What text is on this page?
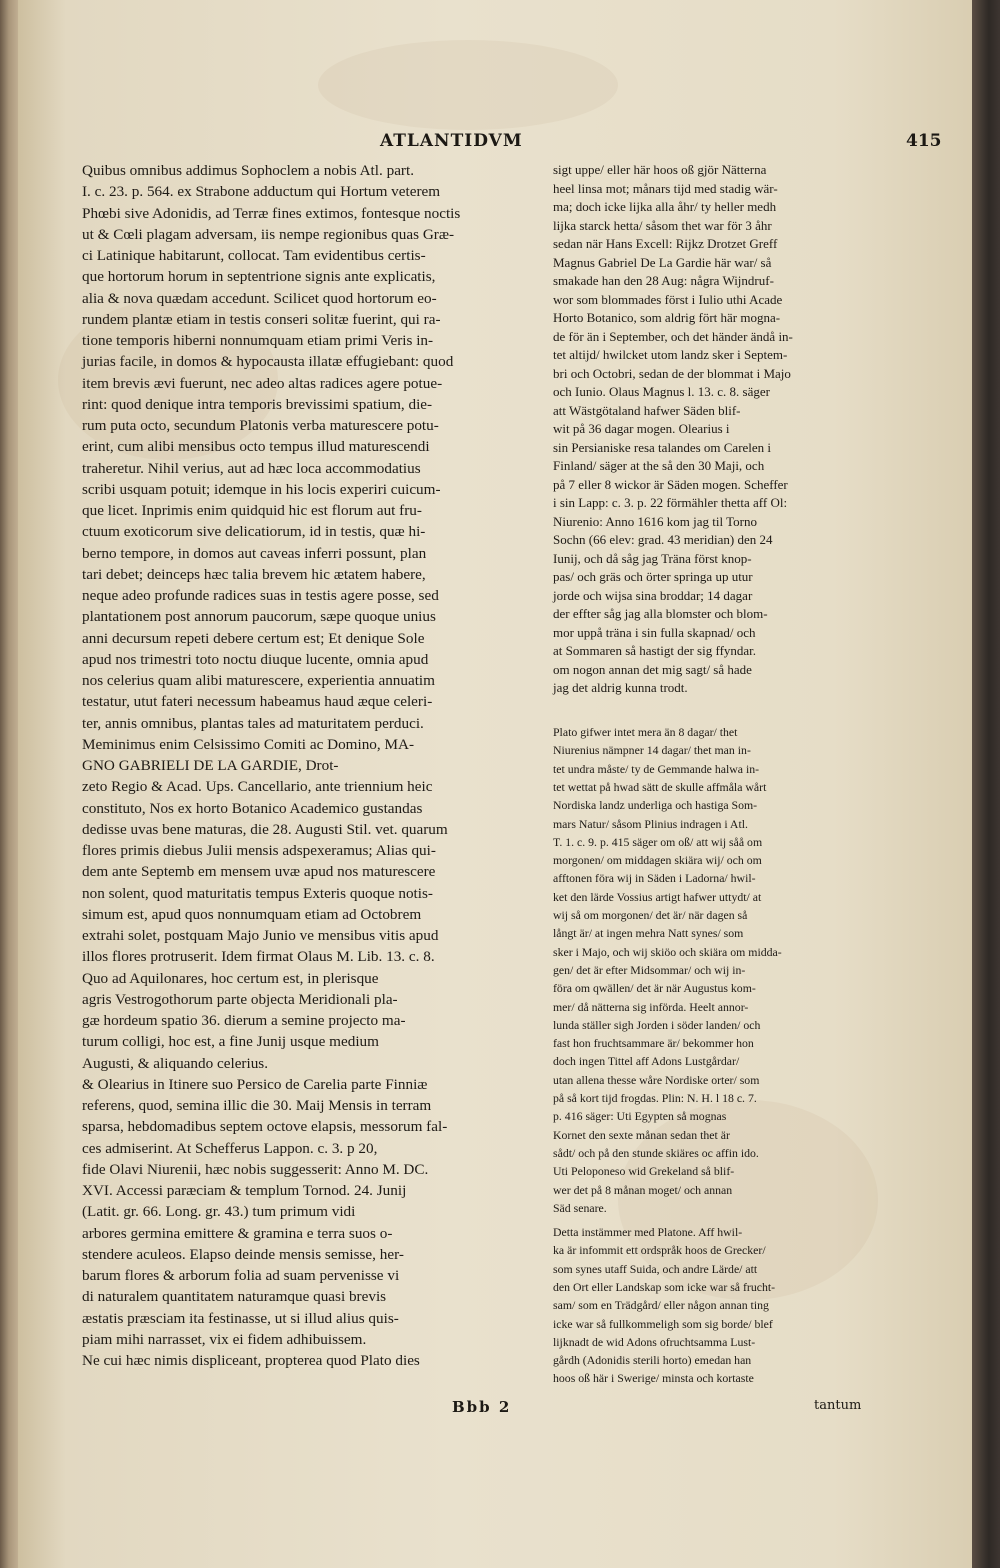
ATLANTIDVM	415
Quibus omnibus addimus Sophoclem a nobis Atl. part.
I. c. 23. p. 564. ex Strabone adductum qui Hortum veterem
Phœbi sive Adonidis, ad Terræ fines extimos, fontesque noctis
ut & Cœli plagam adversam, iis nempe regionibus quas Græ-
ci Latinique habitarunt, collocat. Tam evidentibus certis-
que hortorum horum in septentrione signis ante explicatis,
alia & nova quædam accedunt. Scilicet quod hortorum eo-
rundem plantæ etiam in testis conseri solitæ fuerint, qui ra-
tione temporis hiberni nonnumquam etiam primi Veris in-
jurias facile, in domos & hypocausta illatæ effugiebant: quod
item brevis ævi fuerunt, nec adeo altas radices agere potue-
rint: quod denique intra temporis brevissimi spatium, die-
rum puta octo, secundum Platonis verba maturescere potu-
erint, cum alibi mensibus octo tempus illud maturescendi
traheretur. Nihil verius, aut ad hæc loca accommodatius
scribi usquam potuit; idemque in his locis experiri cuicum-
que licet. Inprimis enim quidquid hic est florum aut fru-
ctuum exoticorum sive delicatiorum, id in testis, quæ hi-
berno tempore, in domos aut caveas inferri possunt, plan
tari debet; deinceps hæc talia brevem hic ætatem habere,
neque adeo profunde radices suas in testis agere posse, sed
plantationem post annorum paucorum, sæpe quoque unius
anni decursum repeti debere certum est; Et denique Sole
apud nos trimestri toto noctu diuque lucente, omnia apud
nos celerius quam alibi maturescere, experientia annuatim
testatur, utut fateri necessum habeamus haud æque celeri-
ter, annis omnibus, plantas tales ad maturitatem perduci.
Meminimus enim Celsissimo Comiti ac Domino, MA-
GNO GABRIELI DE LA GARDIE, Drot-
zeto Regio & Acad. Ups. Cancellario, ante triennium heic
constituto, Nos ex horto Botanico Academico gustandas
dedisse uvas bene maturas, die 28. Augusti Stil. vet. quarum
flores primis diebus Julii mensis adspexeramus; Alias qui-
dem ante Septemb em mensem uvæ apud nos maturescere
non solent, quod maturitatis tempus Exteris quoque notis-
simum est, apud quos nonnumquam etiam ad Octobrem
extrahi solet, postquam Majo Junio ve mensibus vitis apud
illos flores protruserit. Idem firmat Olaus M. Lib. 13. c. 8.
Quo ad Aquilonares, hoc certum est, in plerisque
agris Vestrogothorum parte objecta Meridionali pla-
gæ hordeum spatio 36. dierum a semine projecto ma-
turum colligi, hoc est, a fine Junij usque medium
Augusti, & aliquando celerius.
& Olearius in Itinere suo Persico de Carelia parte Finniæ
referens, quod, semina illic die 30. Maij Mensis in terram
sparsa, hebdomadibus septem octove elapsis, messorum fal-
ces admiserint. At Schefferus Lappon. c. 3. p 20,
fide Olavi Niurenii, hæc nobis suggesserit: Anno M. DC.
XVI. Accessi paræciam & templum Tornod. 24. Junij
(Latit. gr. 66. Long. gr. 43.) tum primum vidi
arbores germina emittere & gramina e terra suos o-
stendere aculeos. Elapso deinde mensis semisse, her-
barum flores & arborum folia ad suam pervenisse vi
di naturalem quantitatem naturamque quasi brevis
æstatis præsciam ita festinasse, ut si illud alius quis-
piam mihi narrasset, vix ei fidem adhibuissem.
Ne cui hæc nimis displiceant, propterea quod Plato dies
sigt uppe/ eller här hoos oß gjör Nätterna
heel linsa mot; månars tijd med stadig wär-
ma; doch icke lijka alla åhr/ ty heller medh
lijka starck hetta/ såsom thet war för 3 åhr
sedan när Hans Excell: Rijkz Drotzet Greff
Magnus Gabriel De La Gardie här war/ så
smakade han den 28 Aug: några Wijndruf-
wor som blommades först i Iulio uthi Acade
Horto Botanico, som aldrig fört här mogna-
de för än i September, och det händer ändå in-
tet altijd/ hwilcket utom landz sker i Septem-
bri och Octobri, sedan de der blommat i Majo
och Iunio. Olaus Magnus l. 13. c. 8. säger
att Wästgötaland hafwer Säden blif-
wit på 36 dagar mogen. Olearius i
sin Persianiske resa talandes om Carelen i
Finland/ säger at the så den 30 Maji, och
på 7 eller 8 wickor är Säden mogen. Scheffer
i sin Lapp: c. 3. p. 22 förmähler thetta aff Ol:
Niurenio: Anno 1616 kom jag til Torno
Sochn (66 elev: grad. 43 meridian) den 24
Iunij, och då såg jag Träna först knop-
pas/ och gräs och örter springa up utur
jorde och wijsa sina broddar; 14 dagar
der effter såg jag alla blomster och blom-
mor uppå träna i sin fulla skapnad/ och
at Sommaren så hastigt der sig ffyndar.
om nogon annan det mig sagt/ så hade
jag det aldrig kunna trodt.
Plato gifwer intet mera än 8 dagar/ thet
Niurenius nämpner 14 dagar/ thet man in-
tet undra måste/ ty de Gemmande halwa in-
tet wettat på hwad sätt de skulle affmåla wårt
Nordiska landz underliga och hastiga Som-
mars Natur/ såsom Plinius indragen i Atl.
T. 1. c. 9. p. 415 säger om oß/ att wij såå om
morgonen/ om middagen skiära wij/ och om
afftonen föra wij in Säden i Ladorna/ hwil-
ket den lärde Vossius artigt hafwer uttydt/ at
wij så om morgonen/ det är/ när dagen så
långt är/ at ingen mehra Natt synes/ som
sker i Majo, och wij skiöo och skiära om midda-
gen/ det är efter Midsommar/ och wij in-
föra om qwällen/ det är när Augustus kom-
mer/ då nätterna sig införda. Heelt annor-
lunda ställer sigh Jorden i söder landen/ och
fast hon fruchtsammare är/ bekommer hon
doch ingen Tittel aff Adons Lustgårdar/
utan allena thesse wåre Nordiske orter/ som
på så kort tijd frogdas. Plin: N. H. l 18 c. 7.
p. 416 säger: Uti Egypten så mognas
Kornet den sexte månan sedan thet är
sådt/ och på den stunde skiäres oc affin ido.
Uti Peloponeso wid Grekeland så blif-
wer det på 8 månan moget/ och annan
Säd senare.
Detta instämmer med Platone. Aff hwil-
ka är infommit ett ordspråk hoos de Grecker/
som synes utaff Suida, och andre Lärde/ att
den Ort eller Landskap som icke war så frucht-
sam/ som en Trädgård/ eller någon annan ting
icke war så fullkommeligh som sig borde/ blef
lijknadt de wid Adons ofruchtsamma Lust-
gårdh (Adonidis sterili horto) emedan han
hoos oß här i Swerige/ minsta och kortaste
Bbb 2	tantum
